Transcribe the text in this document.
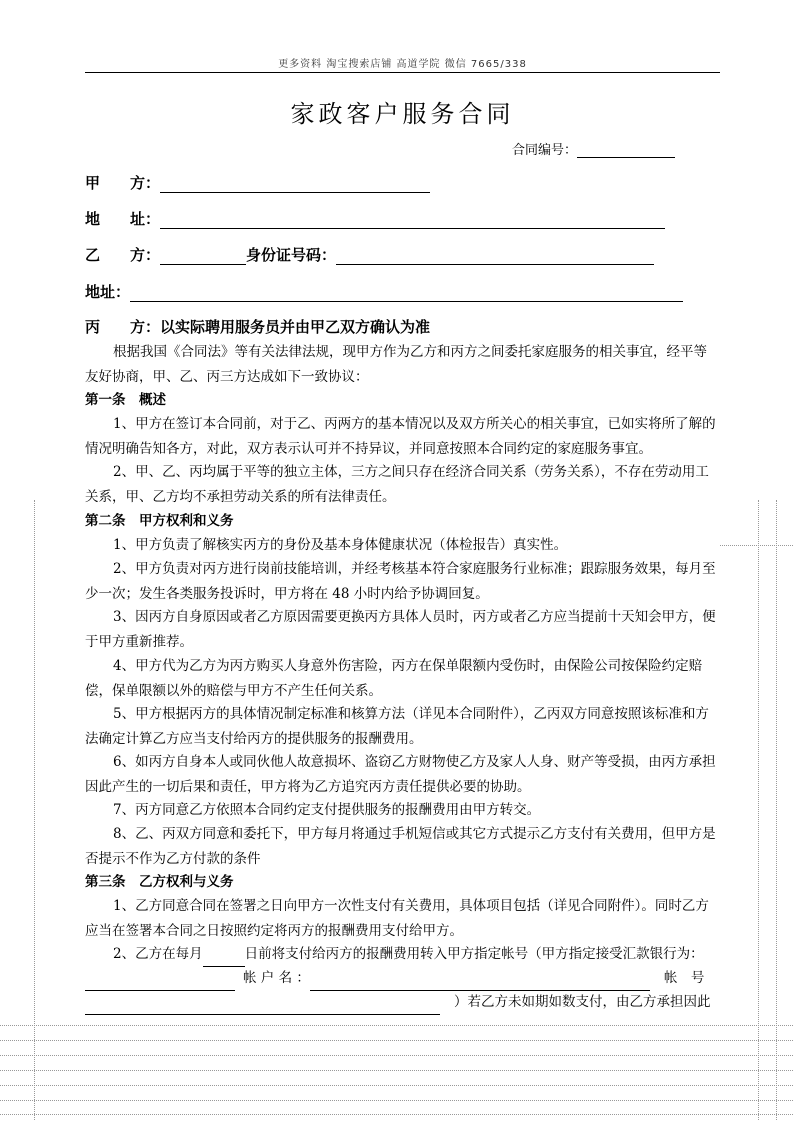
更多资料 淘宝搜索店铺 高道学院 微信 7665/338
家政客户服务合同
合同编号：
甲　　方：
地　　址：
乙　　方：	身份证号码：
地址：
丙　　方：以实际聘用服务员并由甲乙双方确认为准
根据我国《合同法》等有关法律法规，现甲方作为乙方和丙方之间委托家庭服务的相关事宜，经平等友好协商，甲、乙、丙三方达成如下一致协议：
第一条　概述
1、甲方在签订本合同前，对于乙、丙两方的基本情况以及双方所关心的相关事宜，已如实将所了解的情况明确告知各方，对此，双方表示认可并不持异议，并同意按照本合同约定的家庭服务事宜。
2、甲、乙、丙均属于平等的独立主体，三方之间只存在经济合同关系（劳务关系），不存在劳动用工关系，甲、乙方均不承担劳动关系的所有法律责任。
第二条　甲方权利和义务
1、甲方负责了解核实丙方的身份及基本身体健康状况（体检报告）真实性。
2、甲方负责对丙方进行岗前技能培训，并经考核基本符合家庭服务行业标准；跟踪服务效果，每月至少一次；发生各类服务投诉时，甲方将在 48 小时内给予协调回复。
3、因丙方自身原因或者乙方原因需要更换丙方具体人员时，丙方或者乙方应当提前十天知会甲方，便于甲方重新推荐。
4、甲方代为乙方为丙方购买人身意外伤害险，丙方在保单限额内受伤时，由保险公司按保险约定赔偿，保单限额以外的赔偿与甲方不产生任何关系。
5、甲方根据丙方的具体情况制定标准和核算方法（详见本合同附件），乙丙双方同意按照该标准和方法确定计算乙方应当支付给丙方的提供服务的报酬费用。
6、如丙方自身本人或同伙他人故意损坏、盗窃乙方财物使乙方及家人人身、财产等受损，由丙方承担因此产生的一切后果和责任，甲方将为乙方追究丙方责任提供必要的协助。
7、丙方同意乙方依照本合同约定支付提供服务的报酬费用由甲方转交。
8、乙、丙双方同意和委托下，甲方每月将通过手机短信或其它方式提示乙方支付有关费用，但甲方是否提示不作为乙方付款的条件
第三条　乙方权利与义务
1、乙方同意合同在签署之日向甲方一次性支付有关费用，具体项目包括（详见合同附件）。同时乙方应当在签署本合同之日按照约定将丙方的报酬费用支付给甲方。
2、乙方在每月	日前将支付给丙方的报酬费用转入甲方指定帐号（甲方指定接受汇款银行为：
帐 户 名 ：	帐　号
）若乙方未如期如数支付，由乙方承担因此
